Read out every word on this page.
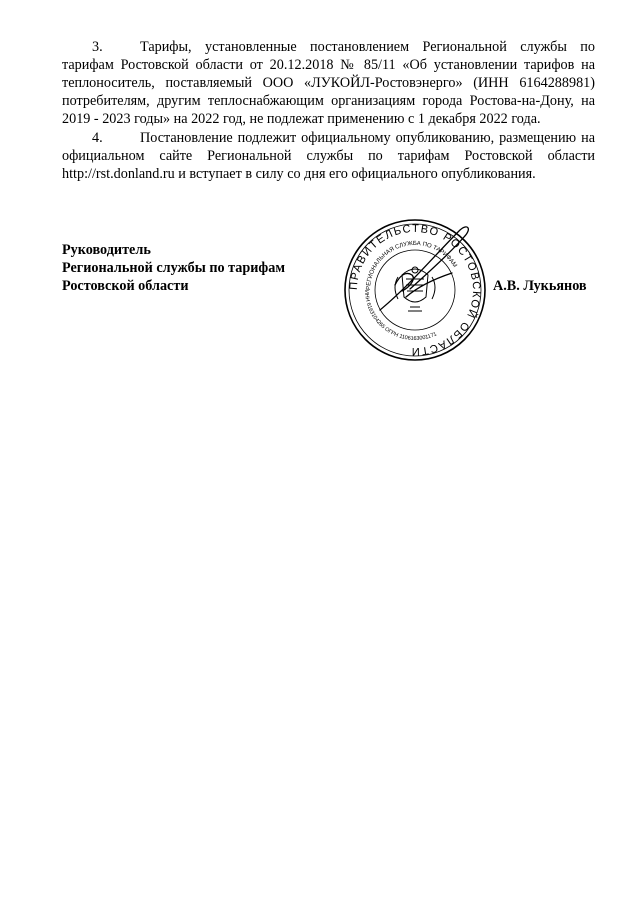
3.	Тарифы, установленные постановлением Региональной службы по тарифам Ростовской области от 20.12.2018 № 85/11 «Об установлении тарифов на теплоноситель, поставляемый ООО «ЛУКОЙЛ-Ростовэнерго» (ИНН 6164288981) потребителям, другим теплоснабжающим организациям города Ростова-на-Дону, на 2019 - 2023 годы» на 2022 год, не подлежат применению с 1 декабря 2022 года.
4.	Постановление подлежит официальному опубликованию, размещению на официальном сайте Региональной службы по тарифам Ростовской области http://rst.donland.ru и вступает в силу со дня его официального опубликования.
Руководитель
Региональной службы по тарифам
Ростовской области	ПРАВИТЕЛЬСТВО РОСТОВСКОЙ ОБЛАСТИ
РЕГИОНАЛЬНАЯ СЛУЖБА ПО ТАРИФАМ
ИНН 6163104265 ОГРН 1106163001171
А.В. Лукьянов
